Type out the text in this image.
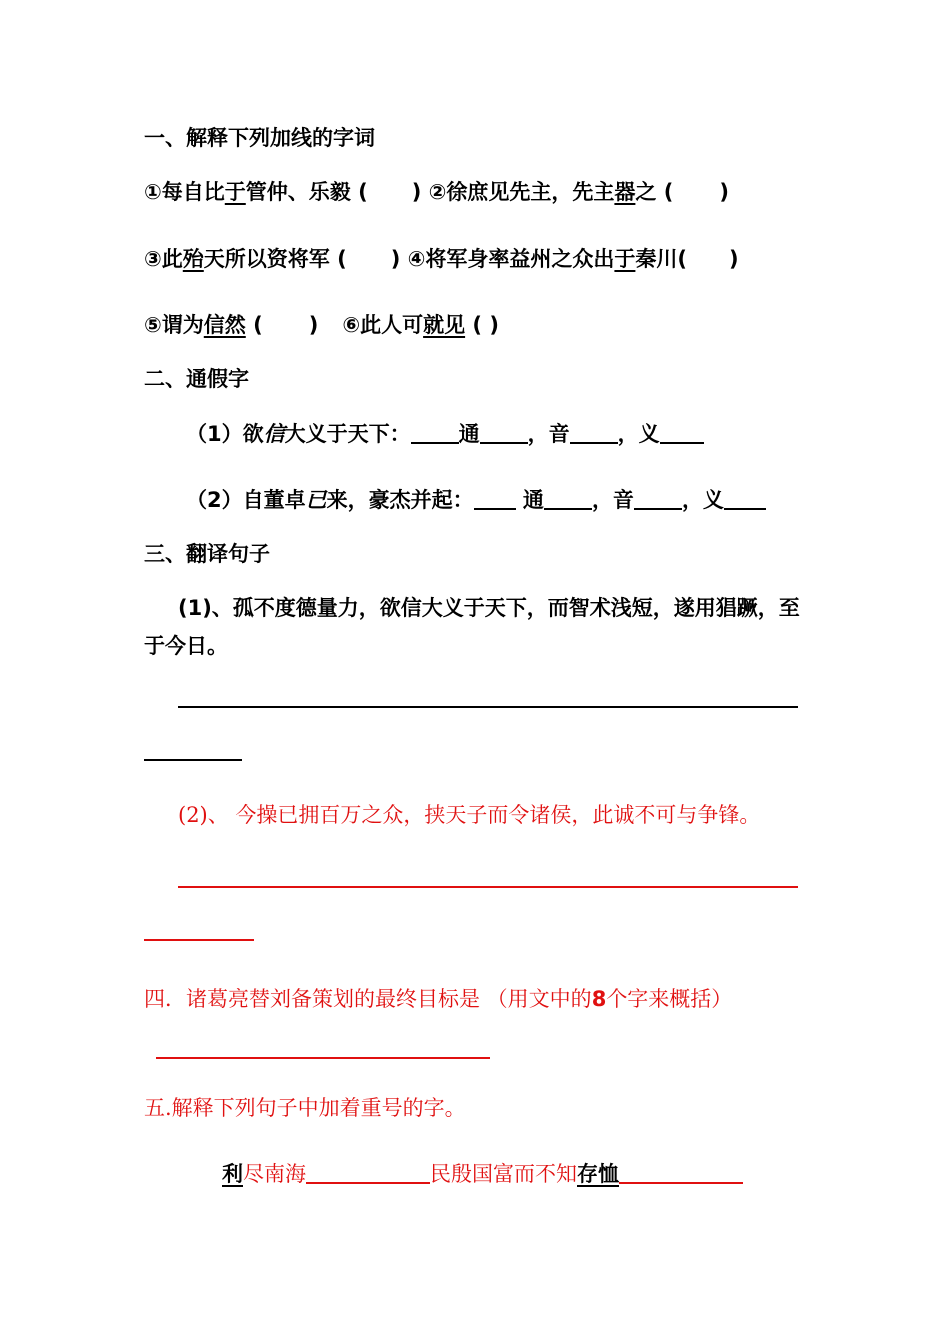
一、解释下列加线的字词
①每自比于管仲、乐毅 ( ) ②徐庶见先主，先主器之 ( )
③此殆天所以资将军 ( ) ④将军身率益州之众出于秦川( )
⑤谓为信然 ( ) ⑥此人可就见 ( )
二、通假字
（1）欲信大义于天下： 通 ，音 ，义
（2）自董卓已来，豪杰并起： 通 ，音 ，义
三、翻译句子
(1)、孤不度德量力，欲信大义于天下，而智术浅短，遂用猖蹶，至
于今日。
(2)、 今操已拥百万之众，挟天子而令诸侯，此诚不可与争锋。
四．诸葛亮替刘备策划的最终目标是 （用文中的8个字来概括）
五.解释下列句子中加着重号的字。
利尽南海	民殷国富而不知存恤
